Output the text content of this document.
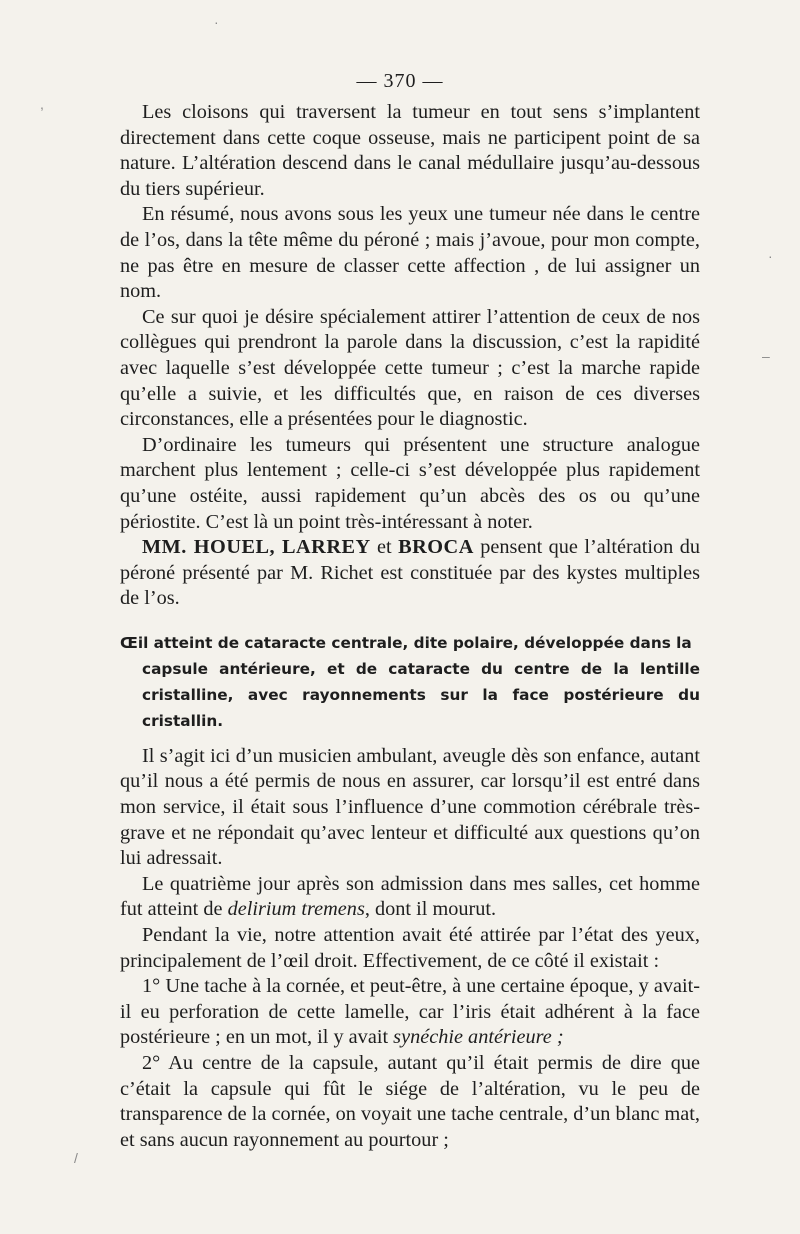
— 370 —

Les cloisons qui traversent la tumeur en tout sens s’implantent directement dans cette coque osseuse, mais ne participent point de sa nature. L’altération descend dans le canal médullaire jusqu’au-dessous du tiers supérieur.

En résumé, nous avons sous les yeux une tumeur née dans le centre de l’os, dans la tête même du péroné ; mais j’avoue, pour mon compte, ne pas être en mesure de classer cette affection , de lui assigner un nom.

Ce sur quoi je désire spécialement attirer l’attention de ceux de nos collègues qui prendront la parole dans la discussion, c’est la rapidité avec laquelle s’est développée cette tumeur ; c’est la marche rapide qu’elle a suivie, et les difficultés que, en raison de ces diverses circonstances, elle a présentées pour le diagnostic.

D’ordinaire les tumeurs qui présentent une structure analogue marchent plus lentement ; celle-ci s’est développée plus rapidement qu’une ostéite, aussi rapidement qu’un abcès des os ou qu’une périostite. C’est là un point très-intéressant à noter.

MM. HOUEL, LARREY et BROCA pensent que l’altération du péroné présenté par M. Richet est constituée par des kystes multiples de l’os.

Œil atteint de cataracte centrale, dite polaire, développée dans la
capsule antérieure, et de cataracte du centre de la lentille cristalline, avec rayonnements sur la face postérieure du cristallin.

Il s’agit ici d’un musicien ambulant, aveugle dès son enfance, autant qu’il nous a été permis de nous en assurer, car lorsqu’il est entré dans mon service, il était sous l’influence d’une commotion cérébrale très-grave et ne répondait qu’avec lenteur et difficulté aux questions qu’on lui adressait.

Le quatrième jour après son admission dans mes salles, cet homme fut atteint de delirium tremens, dont il mourut.

Pendant la vie, notre attention avait été attirée par l’état des yeux, principalement de l’œil droit. Effectivement, de ce côté il existait :

1° Une tache à la cornée, et peut-être, à une certaine époque, y avait-il eu perforation de cette lamelle, car l’iris était adhérent à la face postérieure ; en un mot, il y avait synéchie antérieure ;

2° Au centre de la capsule, autant qu’il était permis de dire que c’était la capsule qui fût le siége de l’altération, vu le peu de transparence de la cornée, on voyait une tache centrale, d’un blanc mat, et sans aucun rayonnement au pourtour ;

·
,
·
–
/
